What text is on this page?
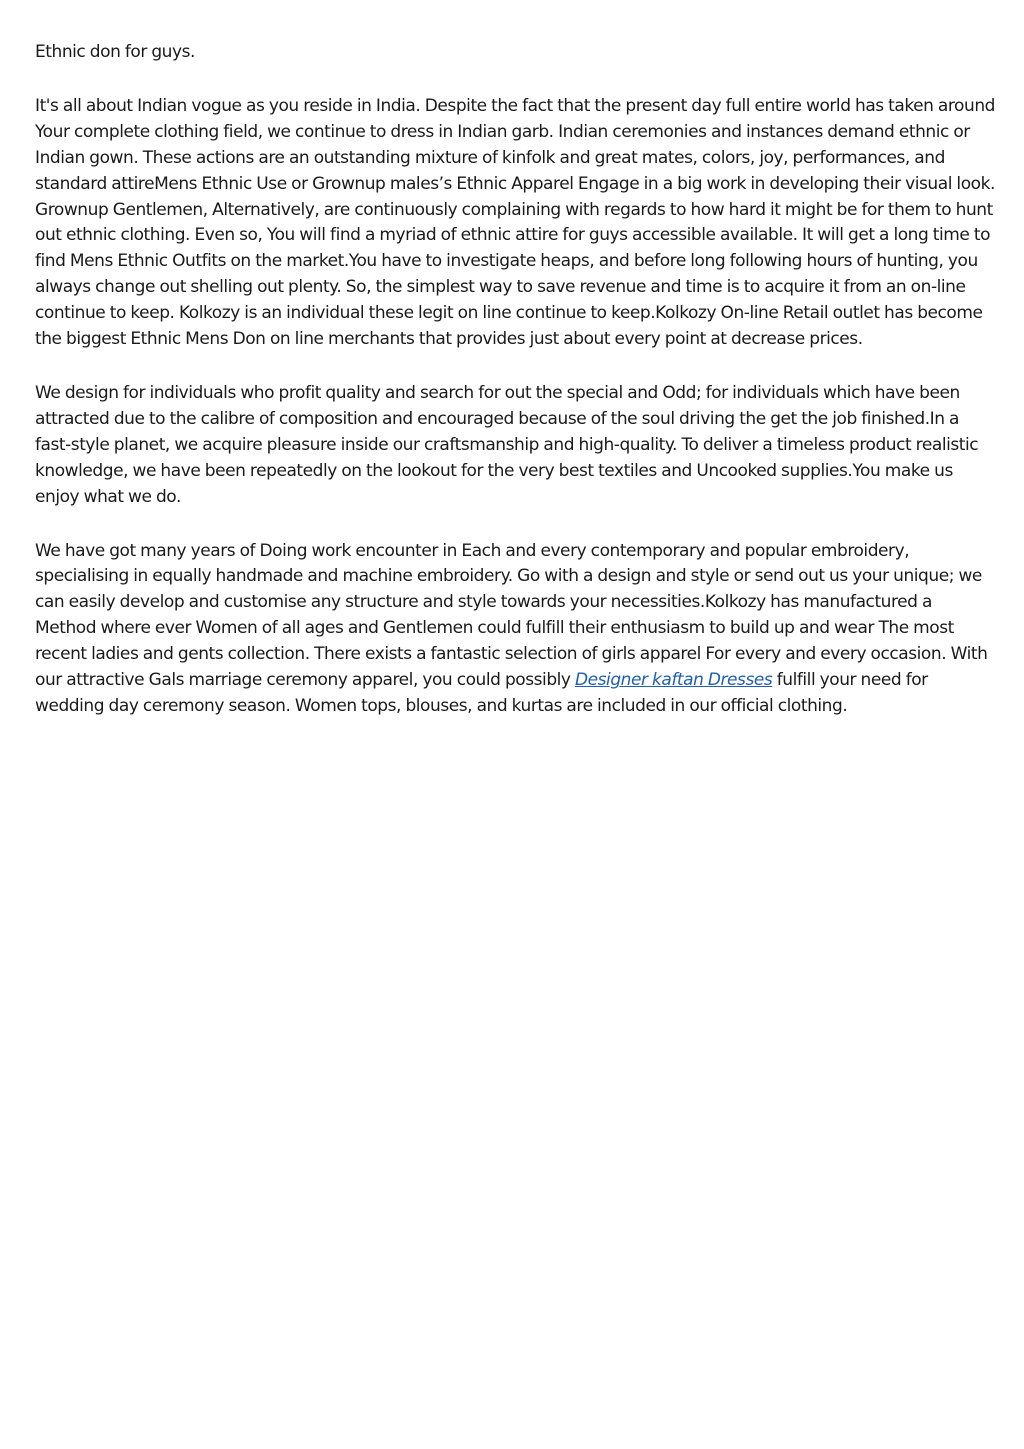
Ethnic don for guys.

It's all about Indian vogue as you reside in India. Despite the fact that the present day full entire world has taken around Your complete clothing field, we continue to dress in Indian garb. Indian ceremonies and instances demand ethnic or Indian gown. These actions are an outstanding mixture of kinfolk and great mates, colors, joy, performances, and standard attireMens Ethnic Use or Grownup males’s Ethnic Apparel Engage in a big work in developing their visual look. Grownup Gentlemen, Alternatively, are continuously complaining with regards to how hard it might be for them to hunt out ethnic clothing. Even so, You will find a myriad of ethnic attire for guys accessible available. It will get a long time to find Mens Ethnic Outfits on the market.You have to investigate heaps, and before long following hours of hunting, you always change out shelling out plenty. So, the simplest way to save revenue and time is to acquire it from an on-line continue to keep. Kolkozy is an individual these legit on line continue to keep.Kolkozy On-line Retail outlet has become the biggest Ethnic Mens Don on line merchants that provides just about every point at decrease prices.

We design for individuals who profit quality and search for out the special and Odd; for individuals which have been attracted due to the calibre of composition and encouraged because of the soul driving the get the job finished.In a fast-style planet, we acquire pleasure inside our craftsmanship and high-quality. To deliver a timeless product realistic knowledge, we have been repeatedly on the lookout for the very best textiles and Uncooked supplies.You make us enjoy what we do.

We have got many years of Doing work encounter in Each and every contemporary and popular embroidery, specialising in equally handmade and machine embroidery. Go with a design and style or send out us your unique; we can easily develop and customise any structure and style towards your necessities.Kolkozy has manufactured a Method where ever Women of all ages and Gentlemen could fulfill their enthusiasm to build up and wear The most recent ladies and gents collection. There exists a fantastic selection of girls apparel For every and every occasion. With our attractive Gals marriage ceremony apparel, you could possibly Designer kaftan Dresses fulfill your need for wedding day ceremony season. Women tops, blouses, and kurtas are included in our official clothing.
